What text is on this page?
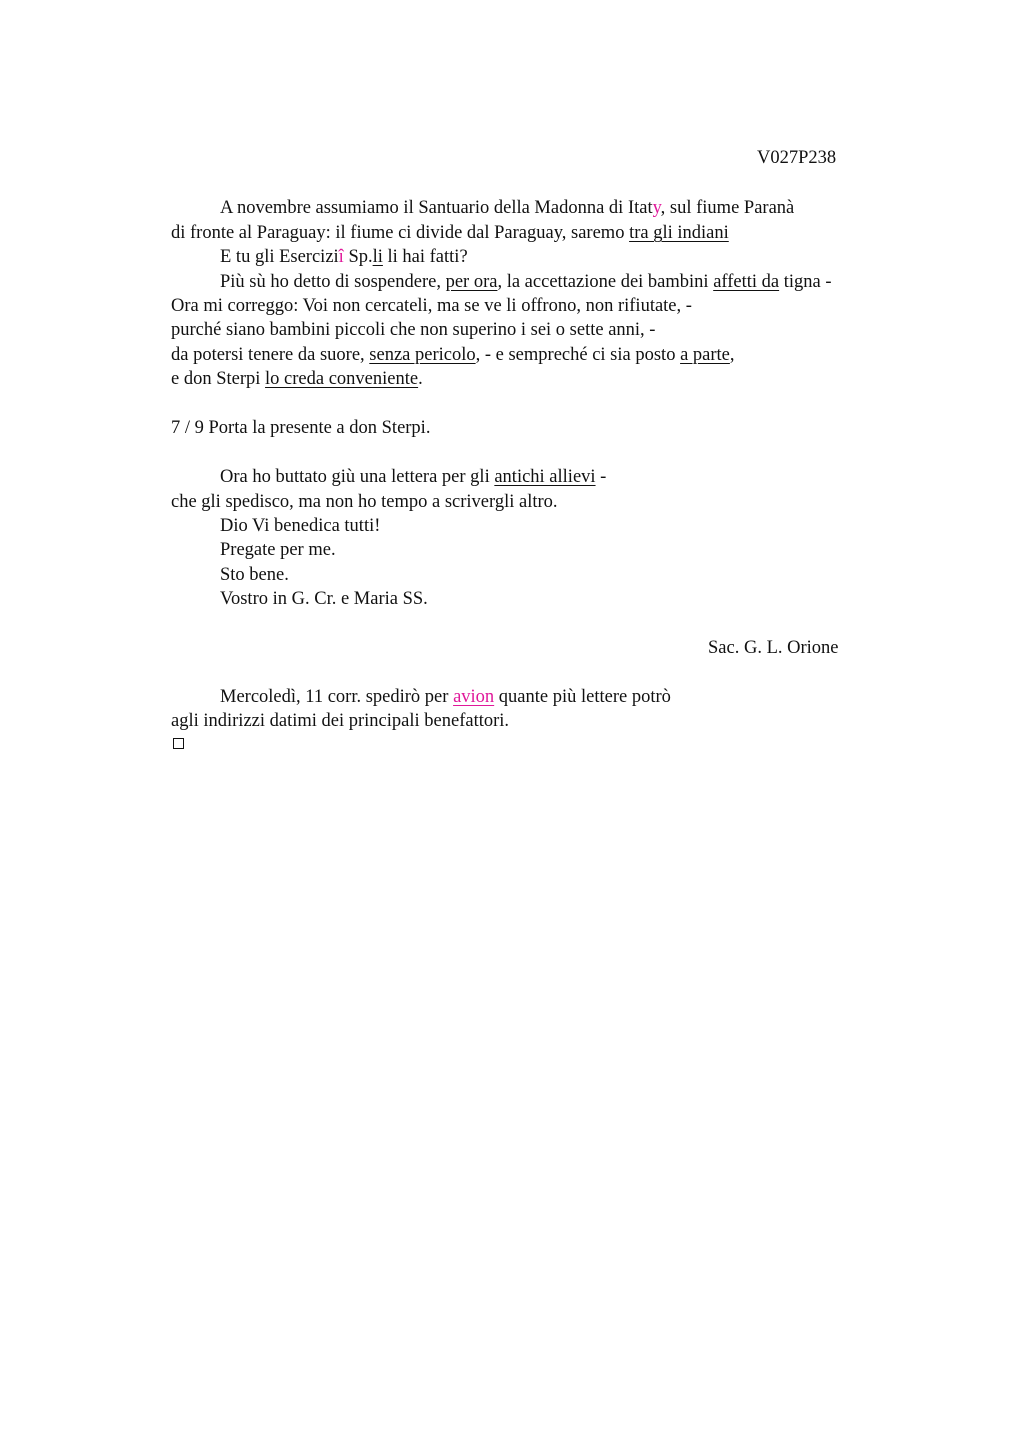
V027P238
A novembre assumiamo il Santuario della Madonna di Itaty, sul fiume Paranà
di fronte al Paraguay: il fiume ci divide dal Paraguay, saremo tra gli indiani
E tu gli Eserciziî Sp.li li hai fatti?
Più sù ho detto di sospendere, per ora, la accettazione dei bambini affetti da tigna -
Ora mi correggo: Voi non cercateli, ma se ve li offrono, non rifiutate, -
purché siano bambini piccoli che non superino i sei o sette anni, -
da potersi tenere da suore, senza pericolo, - e sempreché ci sia posto a parte,
e don Sterpi lo creda conveniente.
7 / 9 Porta la presente a don Sterpi.
Ora ho buttato giù una lettera per gli antichi allievi -
che gli spedisco, ma non ho tempo a scrivergli altro.
Dio Vi benedica tutti!
Pregate per me.
Sto bene.
Vostro in G. Cr. e Maria SS.
Sac. G. L. Orione
Mercoledì, 11 corr. spedirò per avion quante più lettere potrò
agli indirizzi datimi dei principali benefattori.
